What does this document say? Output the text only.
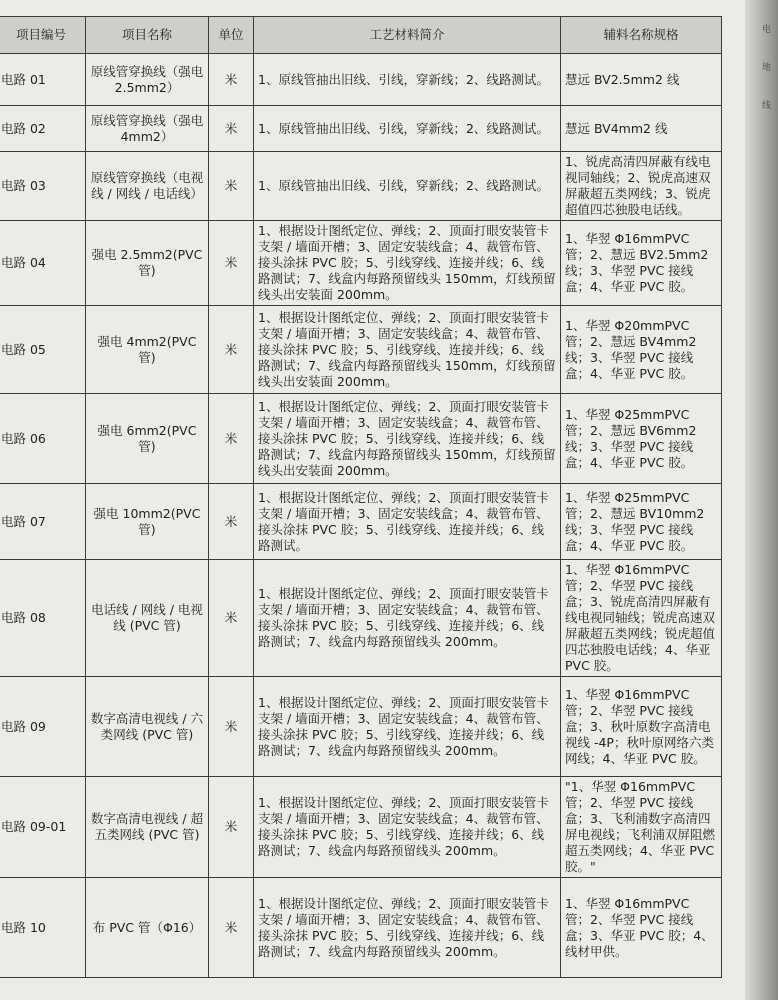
项目编号	项目名称	单位	工艺材料简介	辅料名称规格
电路 01	原线管穿换线（强电 2.5mm2）	米	1、原线管抽出旧线、引线，穿新线；2、线路测试。	慧远 BV2.5mm2 线
电路 02	原线管穿换线（强电 4mm2）	米	1、原线管抽出旧线、引线，穿新线；2、线路测试。	慧远 BV4mm2 线
电路 03	原线管穿换线（电视线 / 网线 / 电话线）	米	1、原线管抽出旧线、引线，穿新线；2、线路测试。	1、锐虎高清四屏蔽有线电视同轴线；2、锐虎高速双屏蔽超五类网线；3、锐虎超值四芯独股电话线。
电路 04	强电 2.5mm2(PVC 管)	米	1、根据设计图纸定位、弹线；2、顶面打眼安装管卡支架 / 墙面开槽；3、固定安装线盒；4、裁管布管、接头涂抹 PVC 胶；5、引线穿线、连接并线；6、线路测试；7、线盒内每路预留线头 150mm，灯线预留线头出安装面 200mm。	1、华翌 Φ16mmPVC 管；2、慧远 BV2.5mm2 线；3、华翌 PVC 接线盒；4、华亚 PVC 胶。
电路 05	强电 4mm2(PVC 管)	米	1、根据设计图纸定位、弹线；2、顶面打眼安装管卡支架 / 墙面开槽；3、固定安装线盒；4、裁管布管、接头涂抹 PVC 胶；5、引线穿线、连接并线；6、线路测试；7、线盒内每路预留线头 150mm，灯线预留线头出安装面 200mm。	1、华翌 Φ20mmPVC 管；2、慧远 BV4mm2 线；3、华翌 PVC 接线盒；4、华亚 PVC 胶。
电路 06	强电 6mm2(PVC 管)	米	1、根据设计图纸定位、弹线；2、顶面打眼安装管卡支架 / 墙面开槽；3、固定安装线盒；4、裁管布管、接头涂抹 PVC 胶；5、引线穿线、连接并线；6、线路测试；7、线盒内每路预留线头 150mm，灯线预留线头出安装面 200mm。	1、华翌 Φ25mmPVC 管；2、慧远 BV6mm2 线；3、华翌 PVC 接线盒；4、华亚 PVC 胶。
电路 07	强电 10mm2(PVC 管)	米	1、根据设计图纸定位、弹线；2、顶面打眼安装管卡支架 / 墙面开槽；3、固定安装线盒；4、裁管布管、接头涂抹 PVC 胶；5、引线穿线、连接并线；6、线路测试。	1、华翌 Φ25mmPVC 管；2、慧远 BV10mm2 线；3、华翌 PVC 接线盒；4、华亚 PVC 胶。
电路 08	电话线 / 网线 / 电视线 (PVC 管)	米	1、根据设计图纸定位、弹线；2、顶面打眼安装管卡支架 / 墙面开槽；3、固定安装线盒；4、裁管布管、接头涂抹 PVC 胶；5、引线穿线、连接并线；6、线路测试；7、线盒内每路预留线头 200mm。	1、华翌 Φ16mmPVC 管；2、华翌 PVC 接线盒；3、锐虎高清四屏蔽有线电视同轴线；锐虎高速双屏蔽超五类网线；锐虎超值四芯独股电话线；4、华亚 PVC 胶。
电路 09	数字高清电视线 / 六类网线 (PVC 管)	米	1、根据设计图纸定位、弹线；2、顶面打眼安装管卡支架 / 墙面开槽；3、固定安装线盒；4、裁管布管、接头涂抹 PVC 胶；5、引线穿线、连接并线；6、线路测试；7、线盒内每路预留线头 200mm。	1、华翌 Φ16mmPVC 管；2、华翌 PVC 接线盒；3、秋叶原数字高清电视线 -4P；秋叶原网络六类网线；4、华亚 PVC 胶。
电路 09-01	数字高清电视线 / 超五类网线 (PVC 管)	米	1、根据设计图纸定位、弹线；2、顶面打眼安装管卡支架 / 墙面开槽；3、固定安装线盒；4、裁管布管、接头涂抹 PVC 胶；5、引线穿线、连接并线；6、线路测试；7、线盒内每路预留线头 200mm。	"1、华翌 Φ16mmPVC 管；2、华翌 PVC 接线盒；3、飞利浦数字高清四屏电视线；飞利浦双屏阻燃超五类网线；4、华亚 PVC 胶。"
电路 10	布 PVC 管（Φ16）	米	1、根据设计图纸定位、弹线；2、顶面打眼安装管卡支架 / 墙面开槽；3、固定安装线盒；4、裁管布管、接头涂抹 PVC 胶；5、引线穿线、连接并线；6、线路测试；7、线盒内每路预留线头 200mm。	1、华翌 Φ16mmPVC 管；2、华翌 PVC 接线盒；3、华亚 PVC 胶；4、线材甲供。
电
地
线
